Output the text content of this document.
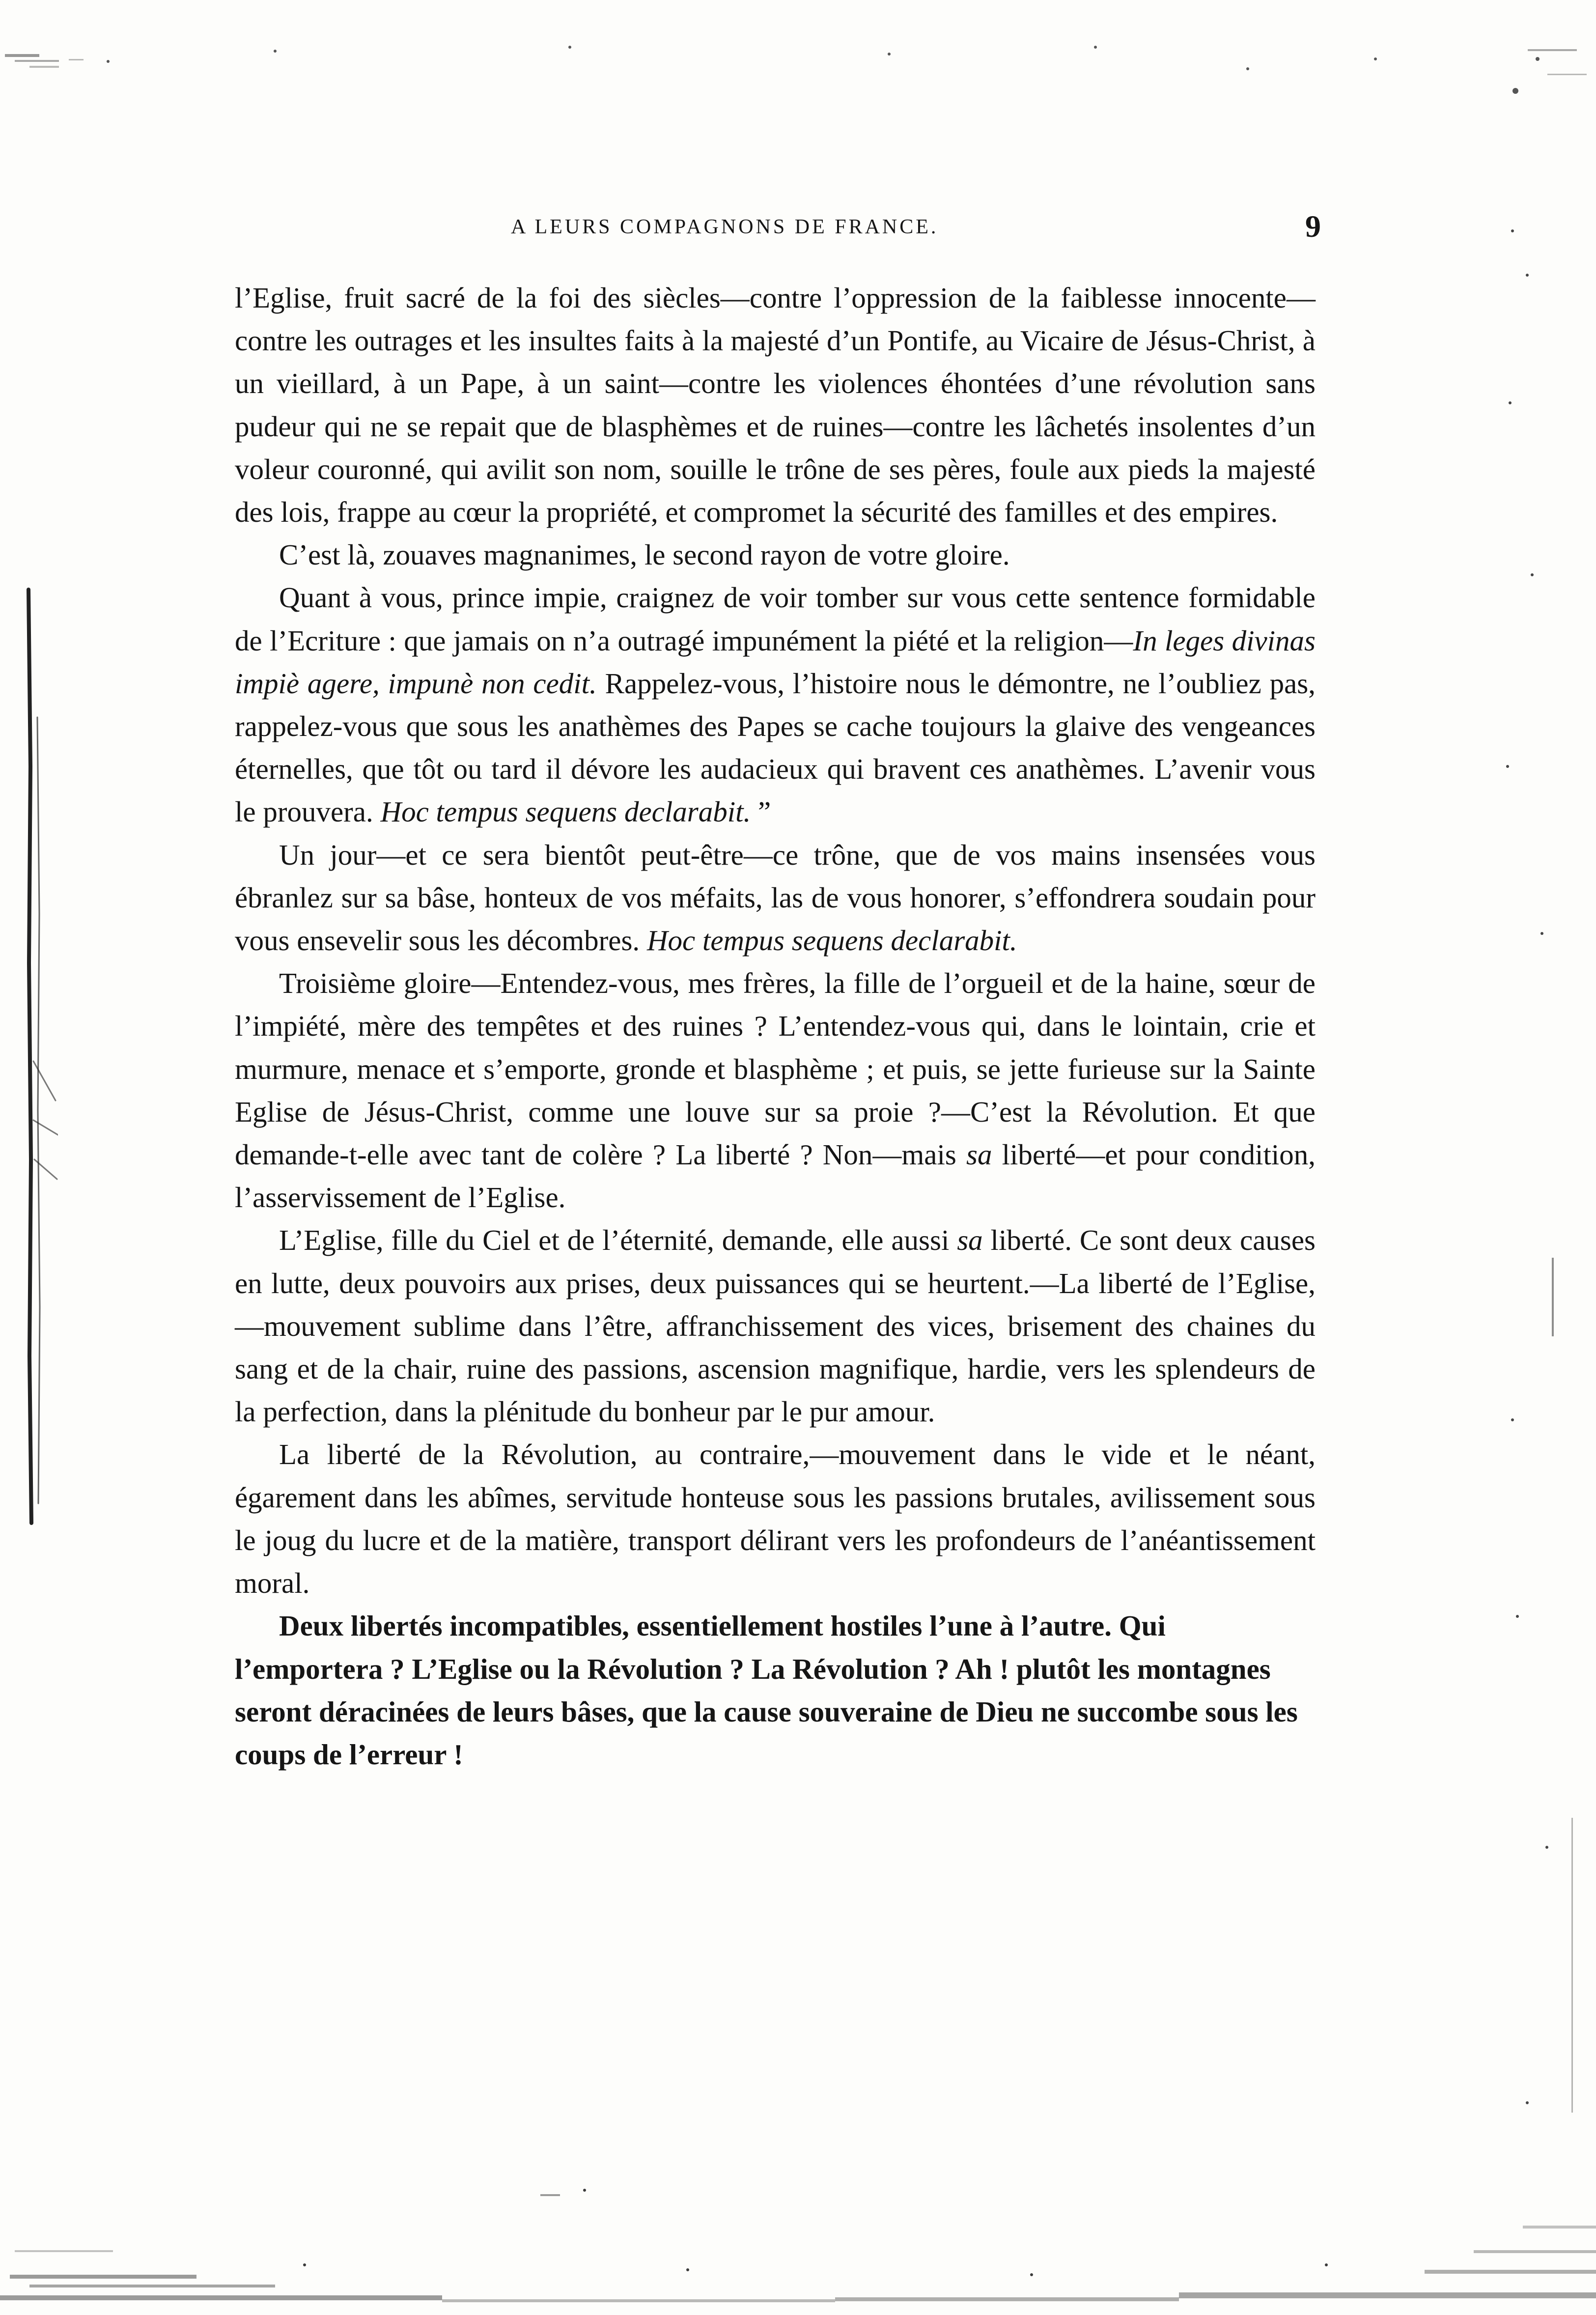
A LEURS COMPAGNONS DE FRANCE.	9

l’Eglise, fruit sacré de la foi des siècles—contre l’oppression de la faiblesse innocente—contre les outrages et les insultes faits à la majesté d’un Pontife, au Vicaire de Jésus-Christ, à un vieillard, à un Pape, à un saint—contre les violences éhontées d’une révolution sans pudeur qui ne se repait que de blasphèmes et de ruines—contre les lâchetés insolentes d’un voleur couronné, qui avilit son nom, souille le trône de ses pères, foule aux pieds la majesté des lois, frappe au cœur la propriété, et compromet la sécurité des familles et des empires.

C’est là, zouaves magnanimes, le second rayon de votre gloire.

Quant à vous, prince impie, craignez de voir tomber sur vous cette sentence formidable de l’Ecriture : que jamais on n’a outragé impunément la piété et la religion—In leges divinas impiè agere, impunè non cedit. Rappelez-vous, l’histoire nous le démontre, ne l’oubliez pas, rappelez-vous que sous les anathèmes des Papes se cache toujours la glaive des vengeances éternelles, que tôt ou tard il dévore les audacieux qui bravent ces anathèmes. L’avenir vous le prouvera. Hoc tempus sequens declarabit. ”

Un jour—et ce sera bientôt peut-être—ce trône, que de vos mains insensées vous ébranlez sur sa bâse, honteux de vos méfaits, las de vous honorer, s’effondrera soudain pour vous ensevelir sous les décombres. Hoc tempus sequens declarabit.

Troisième gloire—Entendez-vous, mes frères, la fille de l’orgueil et de la haine, sœur de l’impiété, mère des tempêtes et des ruines ? L’entendez-vous qui, dans le lointain, crie et murmure, menace et s’emporte, gronde et blasphème ; et puis, se jette furieuse sur la Sainte Eglise de Jésus-Christ, comme une louve sur sa proie ?—C’est la Révolution. Et que demande-t-elle avec tant de colère ? La liberté ? Non—mais sa liberté—et pour condition, l’asservissement de l’Eglise.

L’Eglise, fille du Ciel et de l’éternité, demande, elle aussi sa liberté. Ce sont deux causes en lutte, deux pouvoirs aux prises, deux puissances qui se heurtent.—La liberté de l’Eglise,—mouvement sublime dans l’être, affranchissement des vices, brisement des chaines du sang et de la chair, ruine des passions, ascension magnifique, hardie, vers les splendeurs de la perfection, dans la plénitude du bonheur par le pur amour.

La liberté de la Révolution, au contraire,—mouvement dans le vide et le néant, égarement dans les abîmes, servitude honteuse sous les passions brutales, avilissement sous le joug du lucre et de la matière, transport délirant vers les profondeurs de l’anéantissement moral.

Deux libertés incompatibles, essentiellement hostiles l’une à l’autre. Qui l’emportera ? L’Eglise ou la Révolution ? La Révolution ? Ah ! plutôt les montagnes seront déracinées de leurs bâses, que la cause souveraine de Dieu ne succombe sous les coups de l’erreur !
